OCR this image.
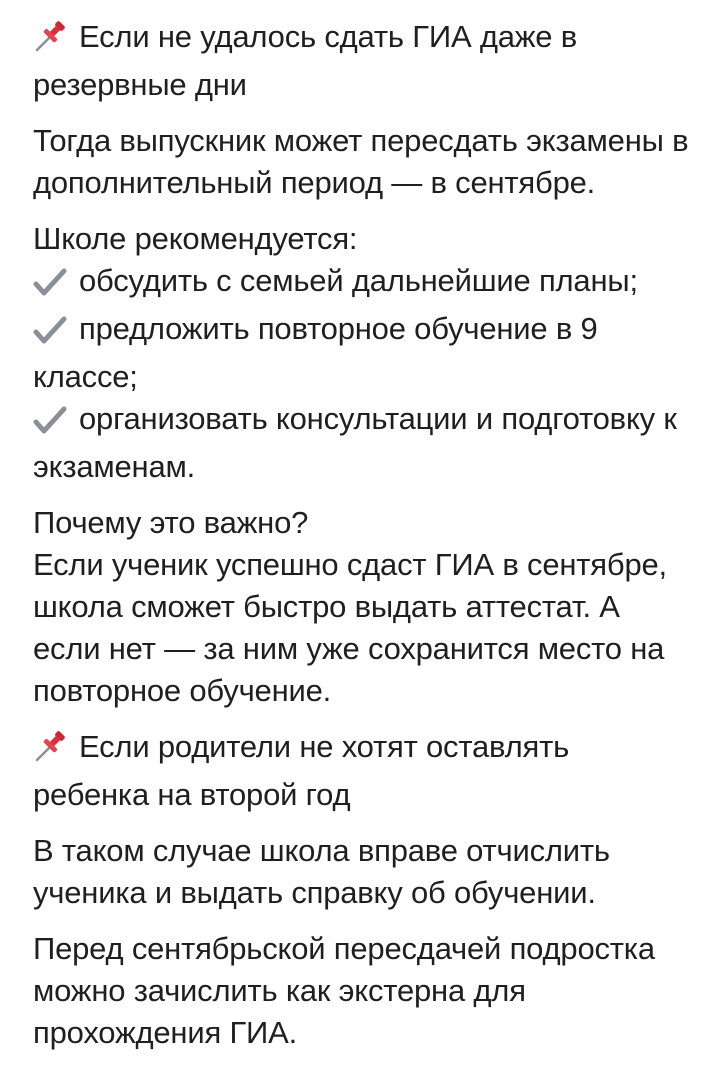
Если не удалось сдать ГИА даже в резервные дни
Тогда выпускник может пересдать экзамены в дополнительный период — в сентябре.
Школе рекомендуется:
обсудить с семьей дальнейшие планы;
предложить повторное обучение в 9 классе;
организовать консультации и подготовку к экзаменам.
Почему это важно?
Если ученик успешно сдаст ГИА в сентябре, школа сможет быстро выдать аттестат. А если нет — за ним уже сохранится место на повторное обучение.
Если родители не хотят оставлять ребенка на второй год
В таком случае школа вправе отчислить ученика и выдать справку об обучении.
Перед сентябрьской пересдачей подростка можно зачислить как экстерна для прохождения ГИА.
